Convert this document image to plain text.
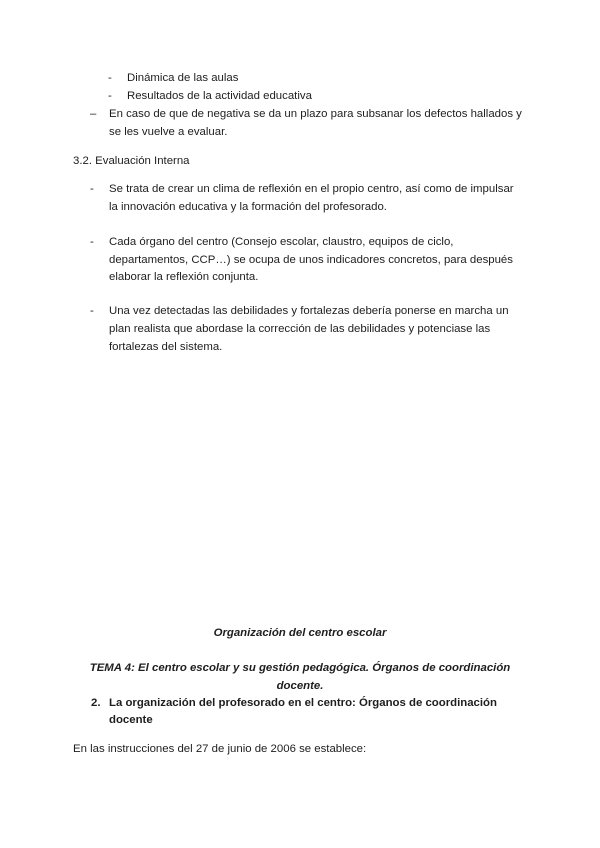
- Dinámica de las aulas
- Resultados de la actividad educativa
– En caso de que de negativa se da un plazo para subsanar los defectos hallados y
se les vuelve a evaluar.
3.2. Evaluación Interna
- Se trata de crear un clima de reflexión en el propio centro, así como de impulsar
la innovación educativa y la formación del profesorado.
- Cada órgano del centro (Consejo escolar, claustro, equipos de ciclo,
departamentos, CCP…) se ocupa de unos indicadores concretos, para después
elaborar la reflexión conjunta.
- Una vez detectadas las debilidades y fortalezas debería ponerse en marcha un
plan realista que abordase la corrección de las debilidades y potenciase las
fortalezas del sistema.
Organización del centro escolar
TEMA 4: El centro escolar y su gestión pedagógica. Órganos de coordinación
docente.
2. La organización del profesorado en el centro: Órganos de coordinación
docente
En las instrucciones del 27 de junio de 2006 se establece:
